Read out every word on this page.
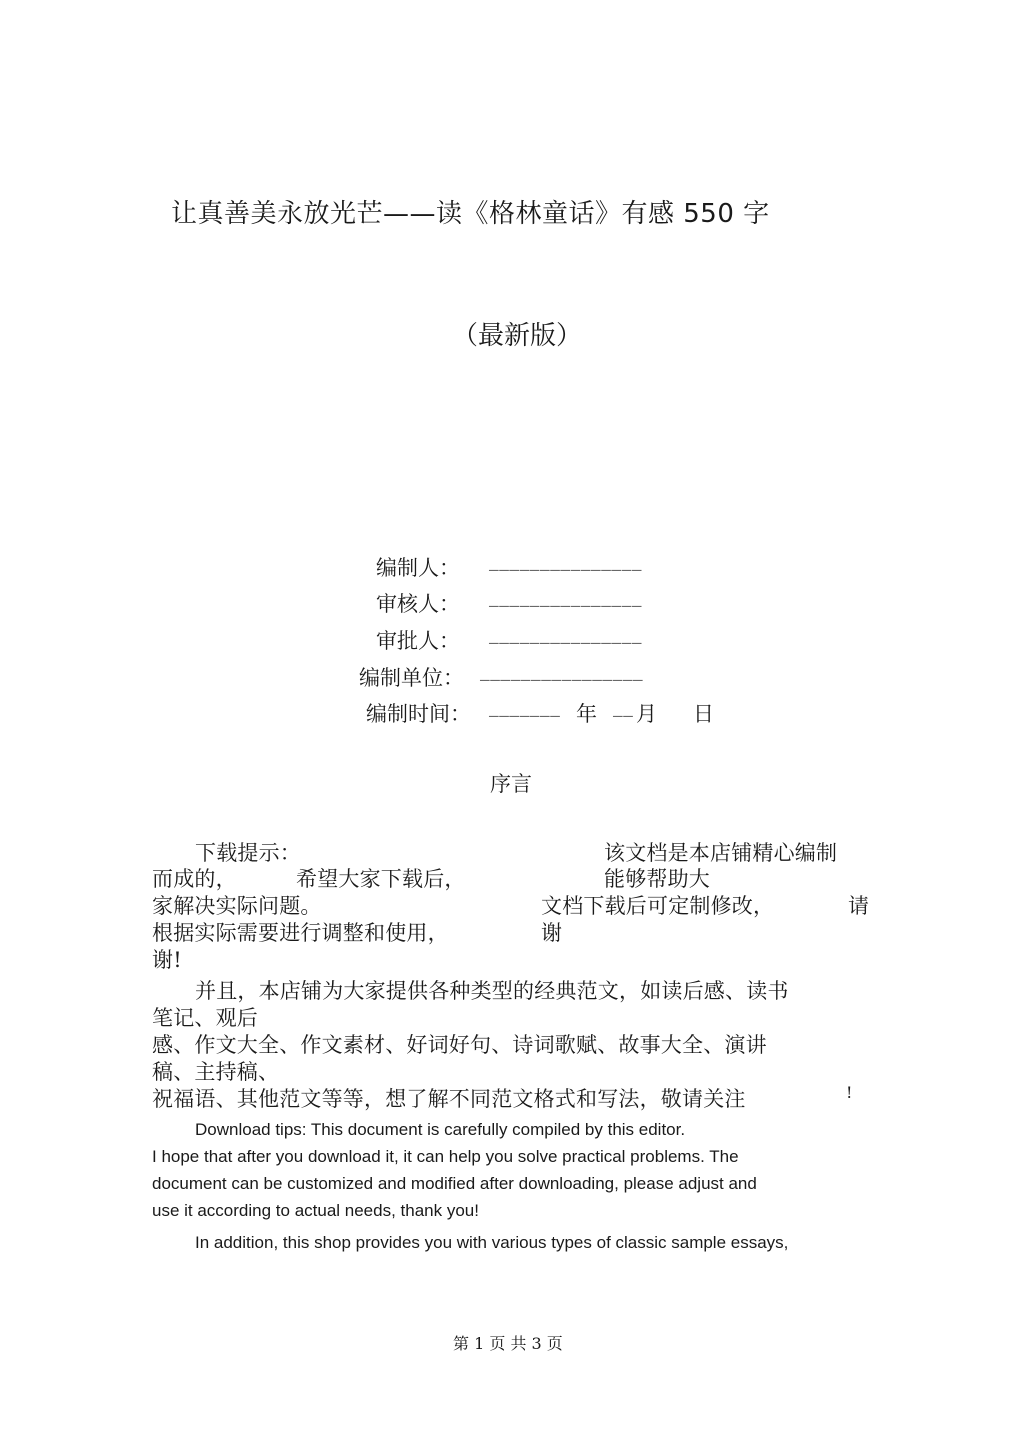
让真善美永放光芒——读《格林童话》有感 550 字
（最新版）
编制人： _______________
审核人： _______________
审批人： _______________
编制单位： ________________
编制时间： _______ 年 __ 月 日
序言
下载提示：	该文档是本店铺精心编制
而成的，	希望大家下载后，	能够帮助大
家解决实际问题。	文档下载后可定制修改，	请
根据实际需要进行调整和使用，	谢
谢!
并且，本店铺为大家提供各种类型的经典范文，如读后感、读书
笔记、观后
感、作文大全、作文素材、好词好句、诗词歌赋、故事大全、演讲
稿、主持稿、
祝福语、其他范文等等，想了解不同范文格式和写法，敬请关注	!
Download tips: This document is carefully compiled by this editor.
I hope that after you download it, it can help you solve practical problems. The
document can be customized and modified after downloading, please adjust and
use it according to actual needs, thank you!
In addition, this shop provides you with various types of classic sample essays,
第 1 页 共 3 页
